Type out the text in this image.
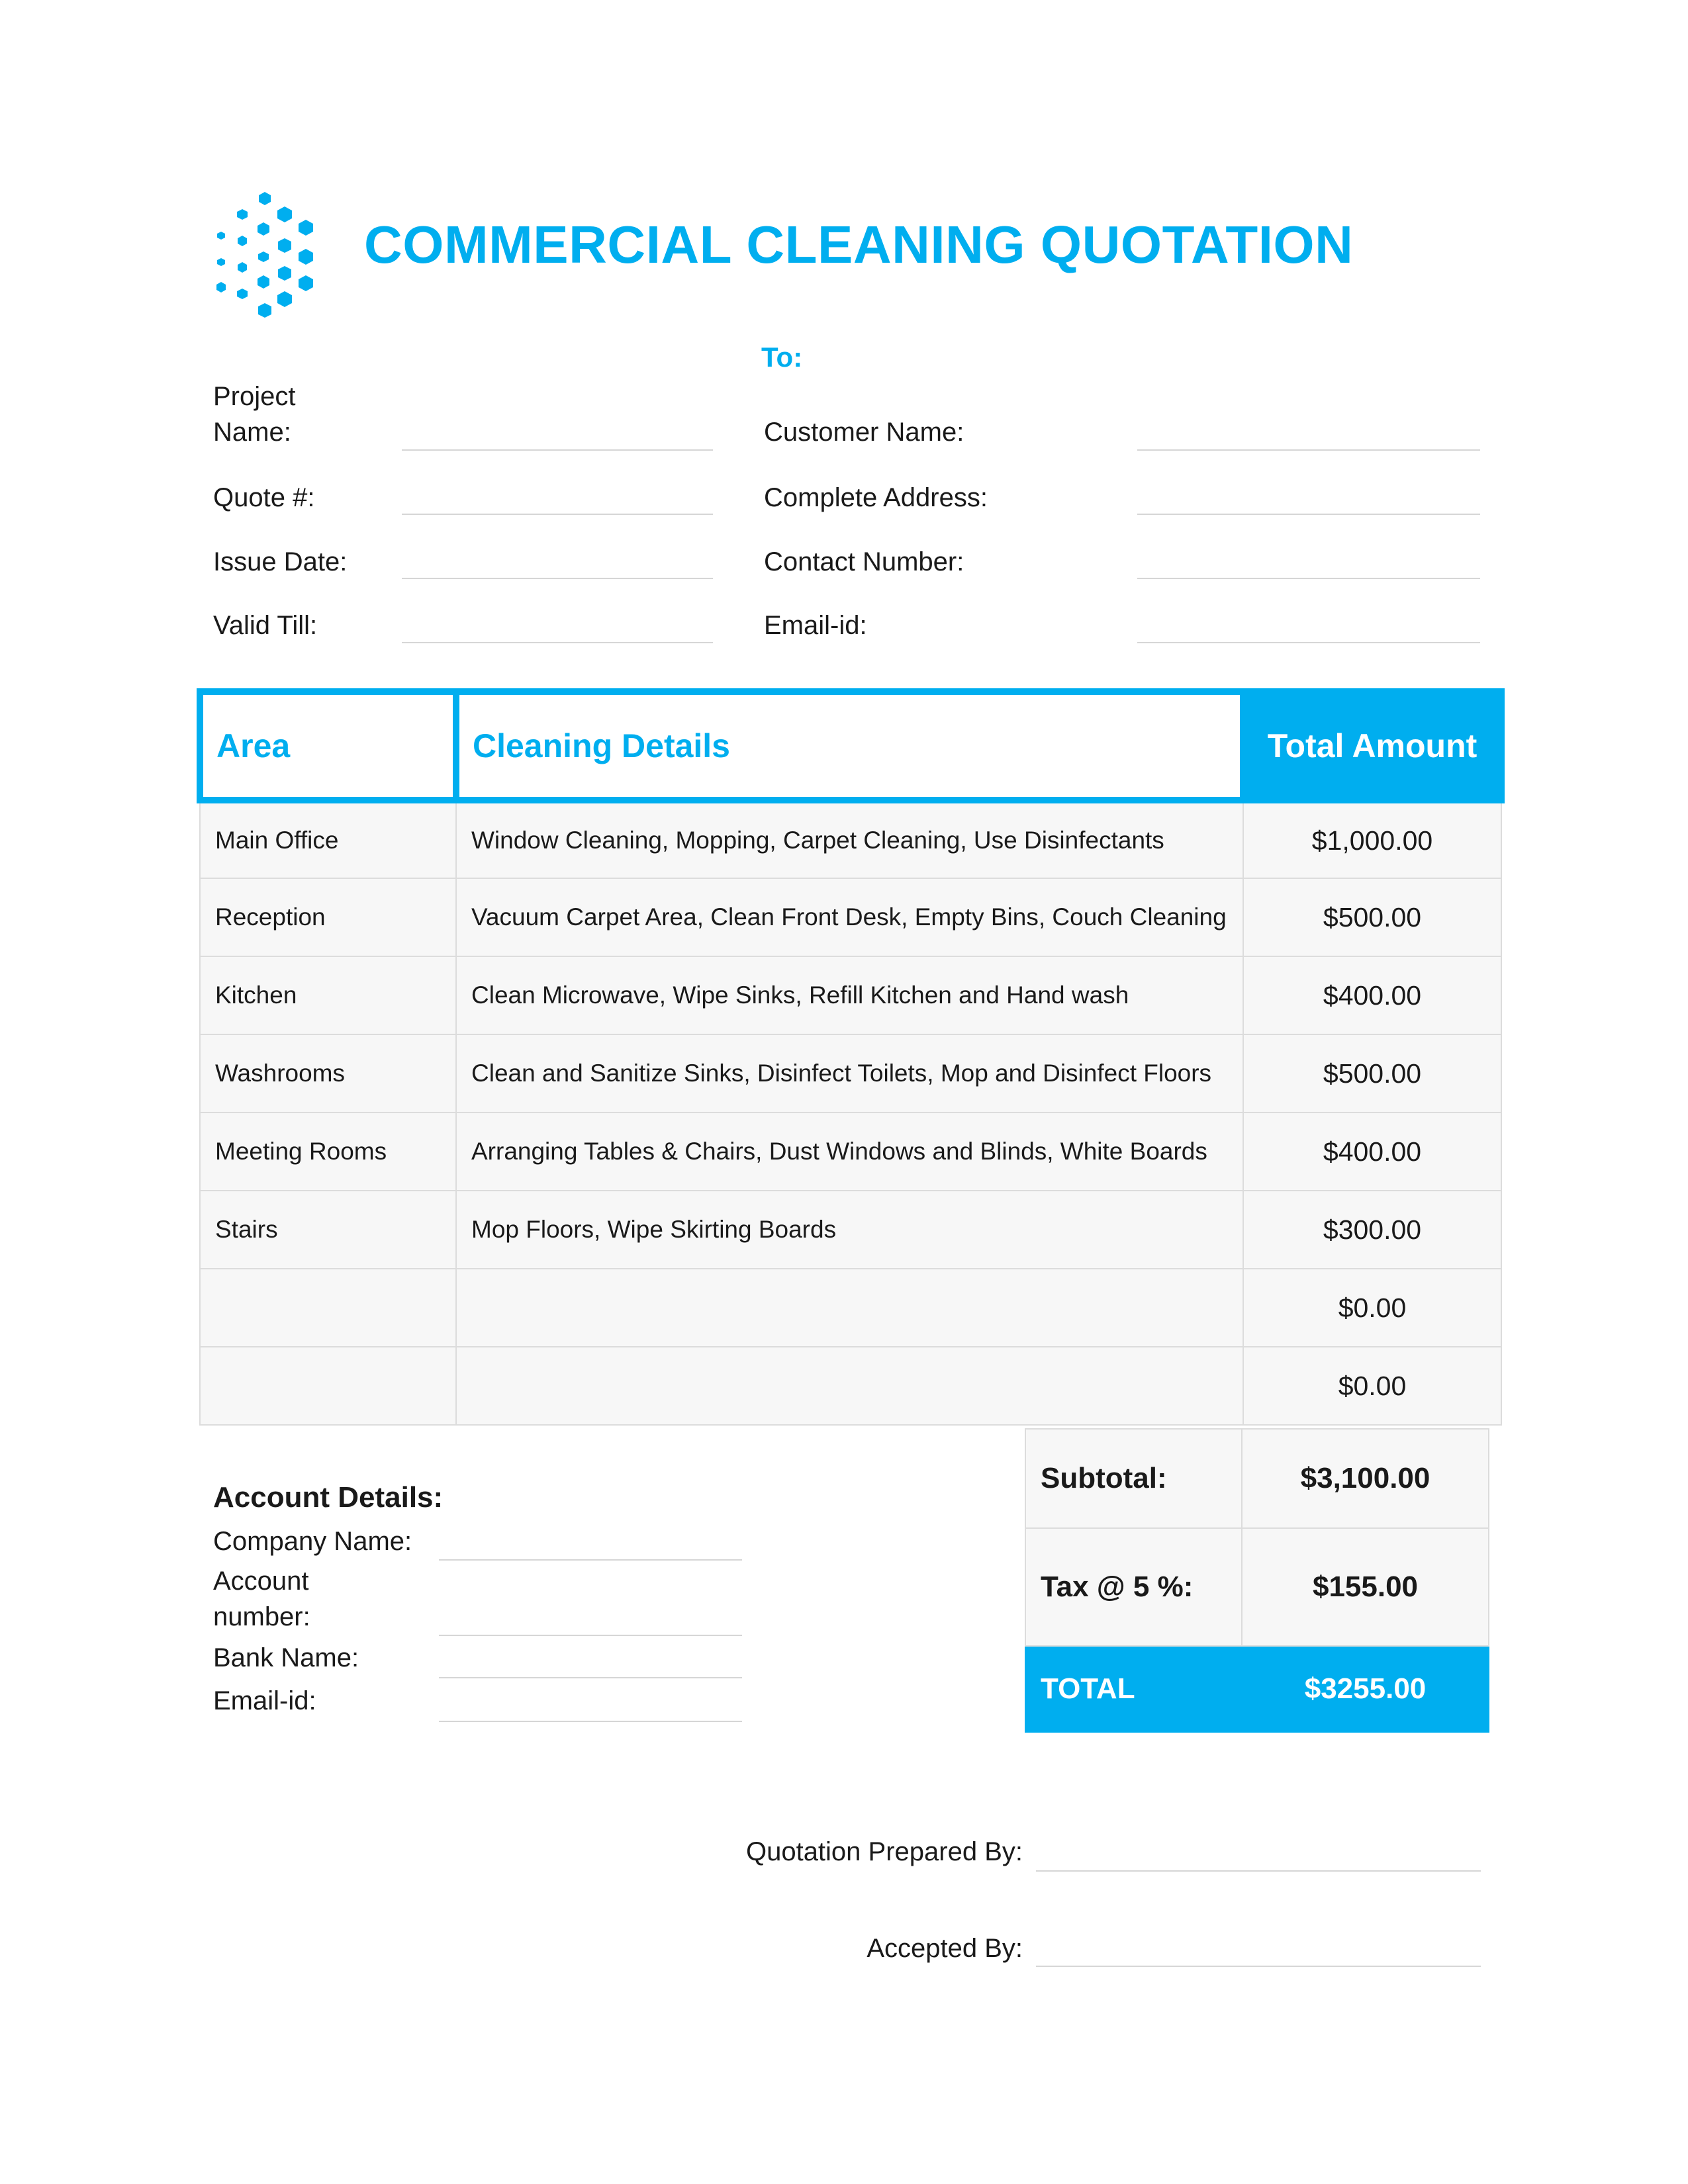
COMMERCIAL CLEANING QUOTATION
Project Name:
Quote #:
Issue Date:
Valid Till:
To:
Customer Name:
Complete Address:
Contact Number:
Email-id:
Area	Cleaning Details	Total Amount
Main Office	Window Cleaning, Mopping, Carpet Cleaning, Use Disinfectants	$1,000.00
Reception	Vacuum Carpet Area, Clean Front Desk, Empty Bins, Couch Cleaning	$500.00
Kitchen	Clean Microwave, Wipe Sinks, Refill Kitchen and Hand wash	$400.00
Washrooms	Clean and Sanitize Sinks, Disinfect Toilets, Mop and Disinfect Floors	$500.00
Meeting Rooms	Arranging Tables & Chairs, Dust Windows and Blinds, White Boards	$400.00
Stairs	Mop Floors, Wipe Skirting Boards	$300.00
		$0.00
		$0.00
Subtotal:	$3,100.00
Tax @ 5 %:	$155.00
TOTAL	$3255.00
Account Details:
Company Name:
Account number:
Bank Name:
Email-id:
Quotation Prepared By:
Accepted By:
